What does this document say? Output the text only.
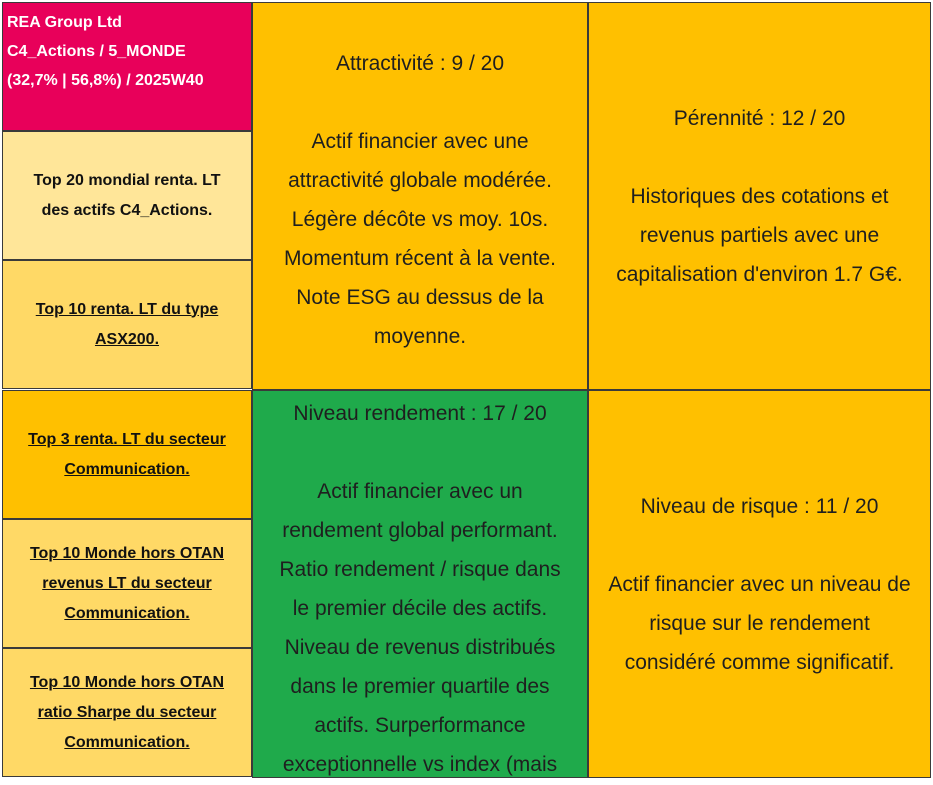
REA Group Ltd
C4_Actions / 5_MONDE
(32,7% | 56,8%) / 2025W40
Top 20 mondial renta. LT
des actifs C4_Actions.
Top 10 renta. LT du type
ASX200.
Top 3 renta. LT du secteur
Communication.
Top 10 Monde hors OTAN
revenus LT du secteur
Communication.
Top 10 Monde hors OTAN
ratio Sharpe du secteur
Communication.

Attractivité : 9 / 20

Actif financier avec une

attractivité globale modérée.

Légère décôte vs moy. 10s.

Momentum récent à la vente.

Note ESG au dessus de la

moyenne.

Niveau rendement : 17 / 20

Actif financier avec un

rendement global performant.

Ratio rendement / risque dans

le premier décile des actifs.

Niveau de revenus distribués

dans le premier quartile des

actifs. Surperformance

exceptionnelle vs index (mais

Pérennité : 12 / 20

Historiques des cotations et

revenus partiels avec une

capitalisation d'environ 1.7 G€.

Niveau de risque : 11 / 20

Actif financier avec un niveau de

risque sur le rendement

considéré comme significatif.
